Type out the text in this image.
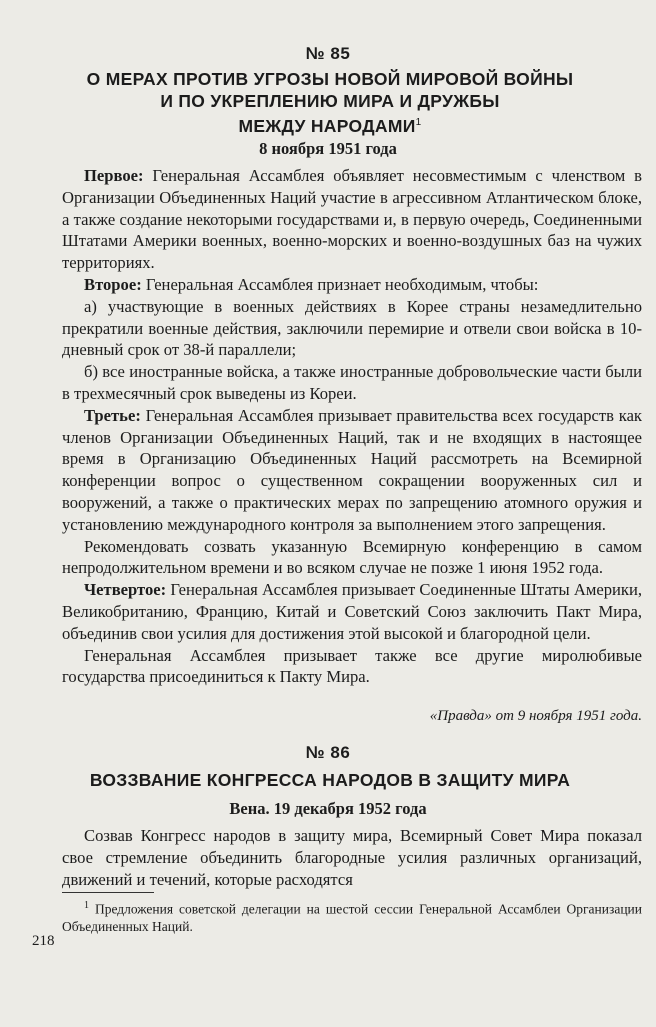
№ 85
О МЕРАХ ПРОТИВ УГРОЗЫ НОВОЙ МИРОВОЙ ВОЙНЫ
И ПО УКРЕПЛЕНИЮ МИРА И ДРУЖБЫ
МЕЖДУ НАРОДАМИ$^1$
8 ноября 1951 года

Первое: Генеральная Ассамблея объявляет несовместимым с членством в Организации Объединенных Наций участие в агрессивном Атлантическом блоке, а также создание некоторыми государствами и, в первую очередь, Соединенными Штатами Америки военных, военно-морских и военно-воздушных баз на чужих территориях.

Второе: Генеральная Ассамблея признает необходимым, чтобы:

а) участвующие в военных действиях в Корее страны незамедлительно прекратили военные действия, заключили перемирие и отвели свои войска в 10-дневный срок от 38-й параллели;

б) все иностранные войска, а также иностранные добровольческие части были в трехмесячный срок выведены из Кореи.

Третье: Генеральная Ассамблея призывает правительства всех государств как членов Организации Объединенных Наций, так и не входящих в настоящее время в Организацию Объединенных Наций рассмотреть на Всемирной конференции вопрос о существенном сокращении вооруженных сил и вооружений, а также о практических мерах по запрещению атомного оружия и установлению международного контроля за выполнением этого запрещения.

Рекомендовать созвать указанную Всемирную конференцию в самом непродолжительном времени и во всяком случае не позже 1 июня 1952 года.

Четвертое: Генеральная Ассамблея призывает Соединенные Штаты Америки, Великобританию, Францию, Китай и Советский Союз заключить Пакт Мира, объединив свои усилия для достижения этой высокой и благородной цели.

Генеральная Ассамблея призывает также все другие миролюбивые государства присоединиться к Пакту Мира.

«Правда» от 9 ноября 1951 года.
№ 86
ВОЗЗВАНИЕ КОНГРЕССА НАРОДОВ В ЗАЩИТУ МИРА
Вена. 19 декабря 1952 года

Созвав Конгресс народов в защиту мира, Всемирный Совет Мира показал свое стремление объединить благородные усилия различных организаций, движений и течений, которые расходятся

$^1$ Предложения советской делегации на шестой сессии Генеральной Ассамблеи Организации Объединенных Наций.
218
